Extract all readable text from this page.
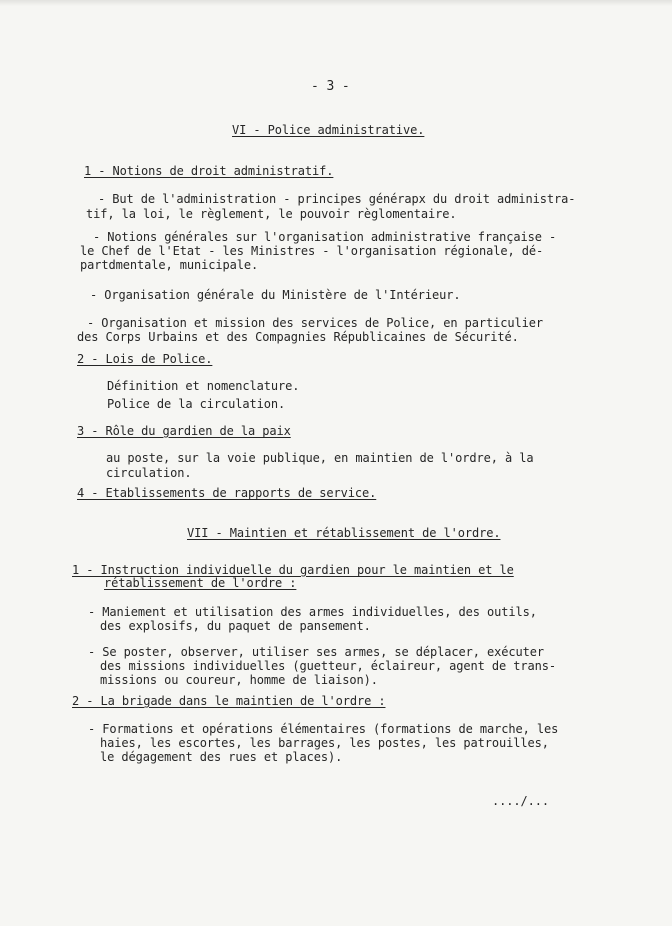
- 3 -
VI - Police administrative.
1 - Notions de droit administratif.
- But de l'administration - principes générapx du droit administra-
tif, la loi, le règlement, le pouvoir règlomentaire.
- Notions générales sur l'organisation administrative française -
le Chef de l'Etat - les Ministres - l'organisation régionale, dé-
partdmentale, municipale.
- Organisation générale du Ministère de l'Intérieur.
- Organisation et mission des services de Police, en particulier
des Corps Urbains et des Compagnies Républicaines de Sécurité.
2 - Lois de Police.
Définition et nomenclature.
Police de la circulation.
3 - Rôle du gardien de la paix
au poste, sur la voie publique, en maintien de l'ordre, à la
circulation.
4 - Etablissements de rapports de service.
VII - Maintien et rétablissement de l'ordre.
1 - Instruction individuelle du gardien pour le maintien et le
rétablissement de l'ordre :
- Maniement et utilisation des armes individuelles, des outils,
des explosifs, du paquet de pansement.
- Se poster, observer, utiliser ses armes, se déplacer, exécuter
des missions individuelles (guetteur, éclaireur, agent de trans-
missions ou coureur, homme de liaison).
2 - La brigade dans le maintien de l'ordre :
- Formations et opérations élémentaires (formations de marche, les
haies, les escortes, les barrages, les postes, les patrouilles,
le dégagement des rues et places).
..../...
